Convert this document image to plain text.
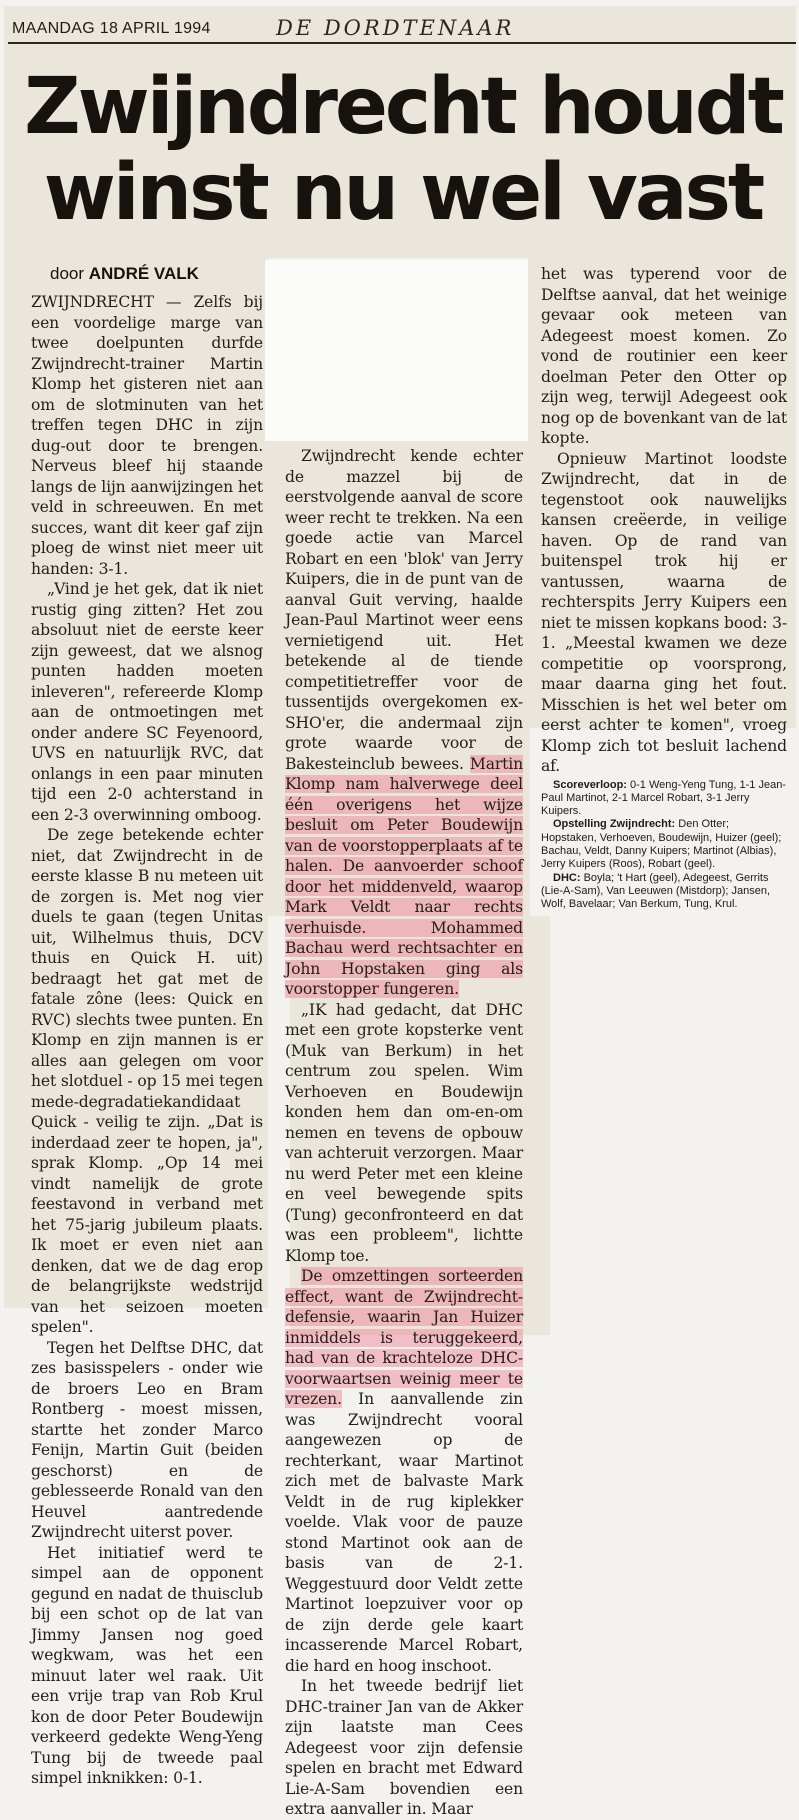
MAANDAG 18 APRIL 1994	DE DORDTENAAR
Zwijndrecht houdt
winst nu wel vast
door ANDRÉ VALK

ZWIJNDRECHT — Zelfs bij een voordelige marge van twee doelpunten durfde Zwijndrecht-trainer Martin Klomp het gisteren niet aan om de slotminuten van het treffen tegen DHC in zijn dug-out door te brengen. Nerveus bleef hij staande langs de lijn aanwijzingen het veld in schreeuwen. En met succes, want dit keer gaf zijn ploeg de winst niet meer uit handen: 3-1.

„Vind je het gek, dat ik niet rustig ging zitten? Het zou absoluut niet de eerste keer zijn geweest, dat we alsnog punten hadden moeten inleveren", refereerde Klomp aan de ontmoetingen met onder andere SC Feyenoord, UVS en natuurlijk RVC, dat onlangs in een paar minuten tijd een 2-0 achterstand in een 2-3 overwinning omboog.

De zege betekende echter niet, dat Zwijndrecht in de eerste klasse B nu meteen uit de zorgen is. Met nog vier duels te gaan (tegen Unitas uit, Wilhelmus thuis, DCV thuis en Quick H. uit) bedraagt het gat met de fatale zône (lees: Quick en RVC) slechts twee punten. En Klomp en zijn mannen is er alles aan gelegen om voor het slotduel - op 15 mei tegen mede-degradatiekandidaat Quick - veilig te zijn. „Dat is inderdaad zeer te hopen, ja", sprak Klomp. „Op 14 mei vindt namelijk de grote feestavond in verband met het 75-jarig jubileum plaats. Ik moet er even niet aan denken, dat we de dag erop de belangrijkste wedstrijd van het seizoen moeten spelen".

Tegen het Delftse DHC, dat zes basisspelers - onder wie de broers Leo en Bram Rontberg - moest missen, startte het zonder Marco Fenijn, Martin Guit (beiden geschorst) en de geblesseerde Ronald van den Heuvel aantredende Zwijndrecht uiterst pover.

Het initiatief werd te simpel aan de opponent gegund en nadat de thuisclub bij een schot op de lat van Jimmy Jansen nog goed wegkwam, was het een minuut later wel raak. Uit een vrije trap van Rob Krul kon de door Peter Boudewijn verkeerd gedekte Weng-Yeng Tung bij de tweede paal simpel inknikken: 0-1.

Zwijndrecht kende echter de mazzel bij de eerstvolgende aanval de score weer recht te trekken. Na een goede actie van Marcel Robart en een 'blok' van Jerry Kuipers, die in de punt van de aanval Guit verving, haalde Jean-Paul Martinot weer eens vernietigend uit. Het betekende al de tiende competitietreffer voor de tussentijds overgekomen ex-SHO'er, die andermaal zijn grote waarde voor de Bakesteinclub bewees. Martin Klomp nam halverwege deel één overigens het wijze besluit om Peter Boudewijn van de voorstopperplaats af te halen. De aanvoerder schoof door het middenveld, waarop Mark Veldt naar rechts verhuisde. Mohammed Bachau werd rechtsachter en John Hopstaken ging als voorstopper fungeren.

„IK had gedacht, dat DHC met een grote kopsterke vent (Muk van Berkum) in het centrum zou spelen. Wim Verhoeven en Boudewijn konden hem dan om-en-om nemen en tevens de opbouw van achteruit verzorgen. Maar nu werd Peter met een kleine en veel bewegende spits (Tung) geconfronteerd en dat was een probleem", lichtte Klomp toe.

De omzettingen sorteerden effect, want de Zwijndrecht-defensie, waarin Jan Huizer inmiddels is teruggekeerd, had van de krachteloze DHC-voorwaartsen weinig meer te vrezen. In aanvallende zin was Zwijndrecht vooral aangewezen op de rechterkant, waar Martinot zich met de balvaste Mark Veldt in de rug kiplekker voelde. Vlak voor de pauze stond Martinot ook aan de basis van de 2-1. Weggestuurd door Veldt zette Martinot loepzuiver voor op de zijn derde gele kaart incasserende Marcel Robart, die hard en hoog inschoot.

In het tweede bedrijf liet DHC-trainer Jan van de Akker zijn laatste man Cees Adegeest voor zijn defensie spelen en bracht met Edward Lie-A-Sam bovendien een extra aanvaller in. Maar

het was typerend voor de Delftse aanval, dat het weinige gevaar ook meteen van Adegeest moest komen. Zo vond de routinier een keer doelman Peter den Otter op zijn weg, terwijl Adegeest ook nog op de bovenkant van de lat kopte.

Opnieuw Martinot loodste Zwijndrecht, dat in de tegenstoot ook nauwelijks kansen creëerde, in veilige haven. Op de rand van buitenspel trok hij er vantussen, waarna de rechterspits Jerry Kuipers een niet te missen kopkans bood: 3-1. „Meestal kwamen we deze competitie op voorsprong, maar daarna ging het fout. Misschien is het wel beter om eerst achter te komen", vroeg Klomp zich tot besluit lachend af.

Scoreverloop: 0-1 Weng-Yeng Tung, 1-1 Jean-Paul Martinot, 2-1 Marcel Robart, 3-1 Jerry Kuipers.

Opstelling Zwijndrecht: Den Otter; Hopstaken, Verhoeven, Boudewijn, Huizer (geel); Bachau, Veldt, Danny Kuipers; Martinot (Albias), Jerry Kuipers (Roos), Robart (geel).

DHC: Boyla; 't Hart (geel), Adegeest, Gerrits (Lie-A-Sam), Van Leeuwen (Mistdorp); Jansen, Wolf, Bavelaar; Van Berkum, Tung, Krul.
